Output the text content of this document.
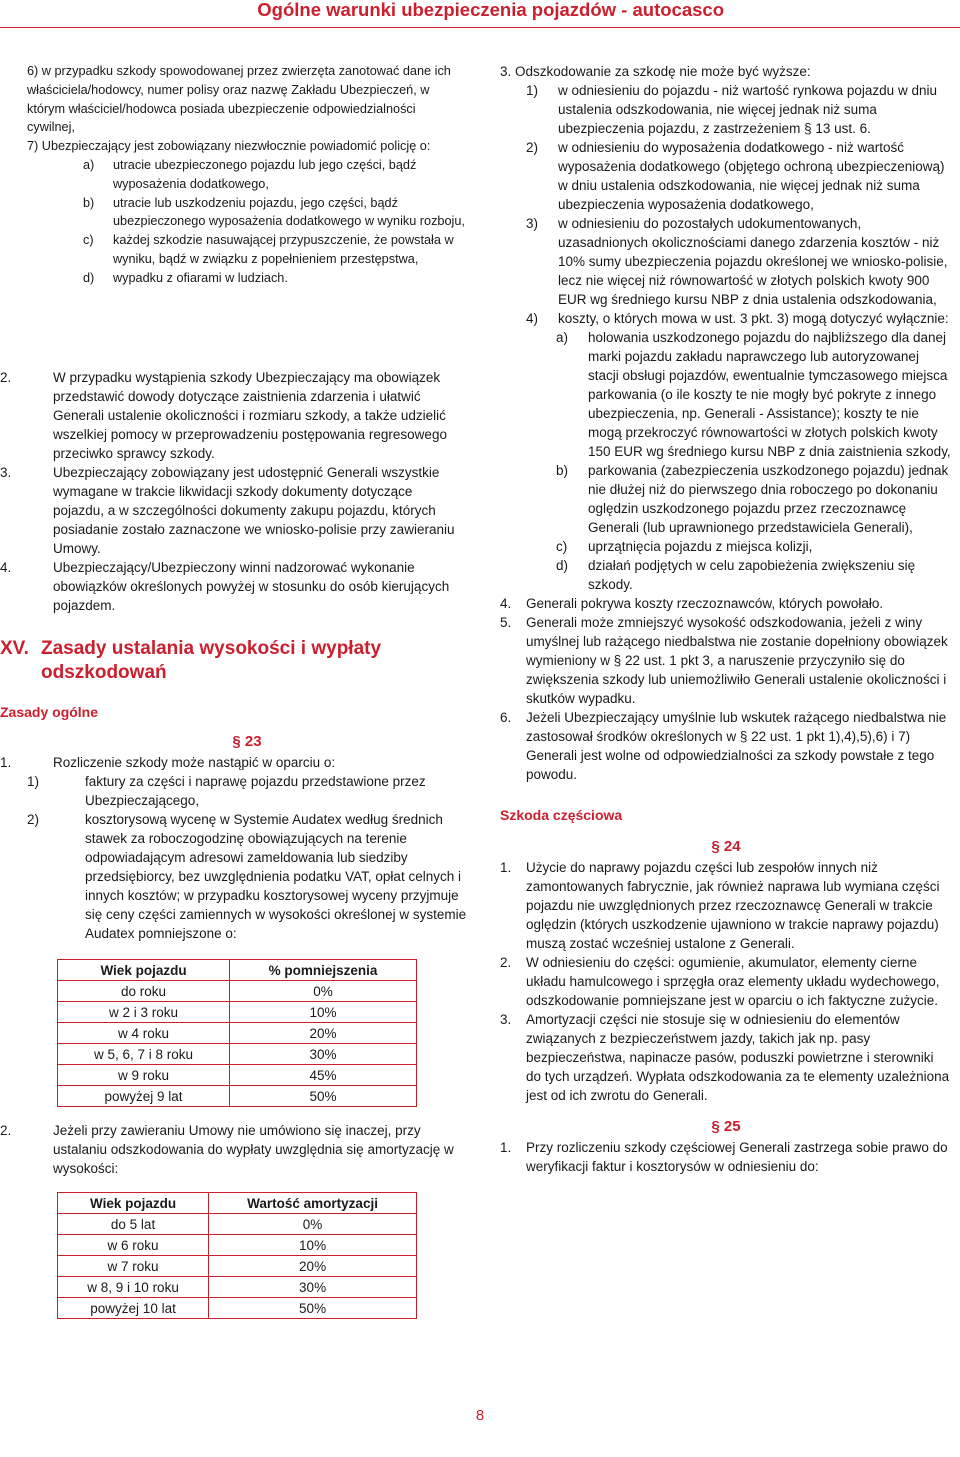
Ogólne warunki ubezpieczenia pojazdów - autocasco
6) w przypadku szkody spowodowanej przez zwierzęta zanotować dane ich właściciela/hodowcy, numer polisy oraz nazwę Zakładu Ubezpieczeń, w którym właściciel/hodowca posiada ubezpieczenie odpowiedzialności cywilnej,
7) Ubezpieczający jest zobowiązany niezwłocznie powiadomić policję o:
a) utracie ubezpieczonego pojazdu lub jego części, bądź wyposażenia dodatkowego,
b) utracie lub uszkodzeniu pojazdu, jego części, bądź ubezpieczonego wyposażenia dodatkowego w wyniku rozboju,
c) każdej szkodzie nasuwającej przypuszczenie, że powstała w wyniku, bądź w związku z popełnieniem przestępstwa,
d) wypadku z ofiarami w ludziach.
2.	W przypadku wystąpienia szkody Ubezpieczający ma obowiązek przedstawić dowody dotyczące zaistnienia zdarzenia i ułatwić Generali ustalenie okoliczności i rozmiaru szkody, a także udzielić wszelkiej pomocy w przeprowadzeniu postępowania regresowego przeciwko sprawcy szkody.
3.	Ubezpieczający zobowiązany jest udostępnić Generali wszystkie wymagane w trakcie likwidacji szkody dokumenty dotyczące pojazdu, a w szczególności dokumenty zakupu pojazdu, których posiadanie zostało zaznaczone we wniosko-polisie przy zawieraniu Umowy.
4.	Ubezpieczający/Ubezpieczony winni nadzorować wykonanie obowiązków określonych powyżej w stosunku do osób kierujących pojazdem.
XV. Zasady ustalania wysokości i wypłaty
odszkodowań
Zasady ogólne
§ 23
1.	Rozliczenie szkody może nastąpić w oparciu o:
1)	faktury za części i naprawę pojazdu przedstawione przez Ubezpieczającego,
2)	kosztorysową wycenę w Systemie Audatex według średnich stawek za roboczogodzinę obowiązujących na terenie odpowiadającym adresowi zameldowania lub siedziby przedsiębiorcy, bez uwzględnienia podatku VAT, opłat celnych i innych kosztów; w przypadku kosztorysowej wyceny przyjmuje się ceny części zamiennych w wysokości określonej w systemie Audatex pomniejszone o:
Wiek pojazdu	% pomniejszenia
do roku	0%
w 2 i 3 roku	10%
w 4 roku	20%
w 5, 6, 7 i 8 roku	30%
w 9 roku	45%
powyżej 9 lat	50%
2.	Jeżeli przy zawieraniu Umowy nie umówiono się inaczej, przy ustalaniu odszkodowania do wypłaty uwzględnia się amortyzację w wysokości:
Wiek pojazdu	Wartość amortyzacji
do 5 lat	0%
w 6 roku	10%
w 7 roku	20%
w 8, 9 i 10 roku	30%
powyżej 10 lat	50%
3. Odszkodowanie za szkodę nie może być wyższe:
1) w odniesieniu do pojazdu - niż wartość rynkowa pojazdu w dniu ustalenia odszkodowania, nie więcej jednak niż suma ubezpieczenia pojazdu, z zastrzeżeniem § 13 ust. 6.
2) w odniesieniu do wyposażenia dodatkowego - niż wartość wyposażenia dodatkowego (objętego ochroną ubezpieczeniową) w dniu ustalenia odszkodowania, nie więcej jednak niż suma ubezpieczenia wyposażenia dodatkowego,
3) w odniesieniu do pozostałych udokumentowanych, uzasadnionych okolicznościami danego zdarzenia kosztów - niż 10% sumy ubezpieczenia pojazdu określonej we wniosko-polisie, lecz nie więcej niż równowartość w złotych polskich kwoty 900 EUR wg średniego kursu NBP z dnia ustalenia odszkodowania,
4) koszty, o których mowa w ust. 3 pkt. 3) mogą dotyczyć wyłącznie:
a) holowania uszkodzonego pojazdu do najbliższego dla danej marki pojazdu zakładu naprawczego lub autoryzowanej stacji obsługi pojazdów, ewentualnie tymczasowego miejsca parkowania (o ile koszty te nie mogły być pokryte z innego ubezpieczenia, np. Generali - Assistance); koszty te nie mogą przekroczyć równowartości w złotych polskich kwoty 150 EUR wg średniego kursu NBP z dnia zaistnienia szkody,
b) parkowania (zabezpieczenia uszkodzonego pojazdu) jednak nie dłużej niż do pierwszego dnia roboczego po dokonaniu oględzin uszkodzonego pojazdu przez rzeczoznawcę Generali (lub uprawnionego przedstawiciela Generali),
c) uprzątnięcia pojazdu z miejsca kolizji,
d) działań podjętych w celu zapobieżenia zwiększeniu się szkody.
4. Generali pokrywa koszty rzeczoznawców, których powołało.
5. Generali może zmniejszyć wysokość odszkodowania, jeżeli z winy umyślnej lub rażącego niedbalstwa nie zostanie dopełniony obowiązek wymieniony w § 22 ust. 1 pkt 3, a naruszenie przyczyniło się do zwiększenia szkody lub uniemożliwiło Generali ustalenie okoliczności i skutków wypadku.
6. Jeżeli Ubezpieczający umyślnie lub wskutek rażącego niedbalstwa nie zastosował środków określonych w § 22 ust. 1 pkt 1),4),5),6) i 7) Generali jest wolne od odpowiedzialności za szkody powstałe z tego powodu.
Szkoda częściowa
§ 24
1. Użycie do naprawy pojazdu części lub zespołów innych niż zamontowanych fabrycznie, jak również naprawa lub wymiana części pojazdu nie uwzględnionych przez rzeczoznawcę Generali w trakcie oględzin (których uszkodzenie ujawniono w trakcie naprawy pojazdu) muszą zostać wcześniej ustalone z Generali.
2. W odniesieniu do części: ogumienie, akumulator, elementy cierne układu hamulcowego i sprzęgła oraz elementy układu wydechowego, odszkodowanie pomniejszane jest w oparciu o ich faktyczne zużycie.
3. Amortyzacji części nie stosuje się w odniesieniu do elementów związanych z bezpieczeństwem jazdy, takich jak np. pasy bezpieczeństwa, napinacze pasów, poduszki powietrzne i sterowniki do tych urządzeń. Wypłata odszkodowania za te elementy uzależniona jest od ich zwrotu do Generali.
§ 25
1. Przy rozliczeniu szkody częściowej Generali zastrzega sobie prawo do weryfikacji faktur i kosztorysów w odniesieniu do:
8
